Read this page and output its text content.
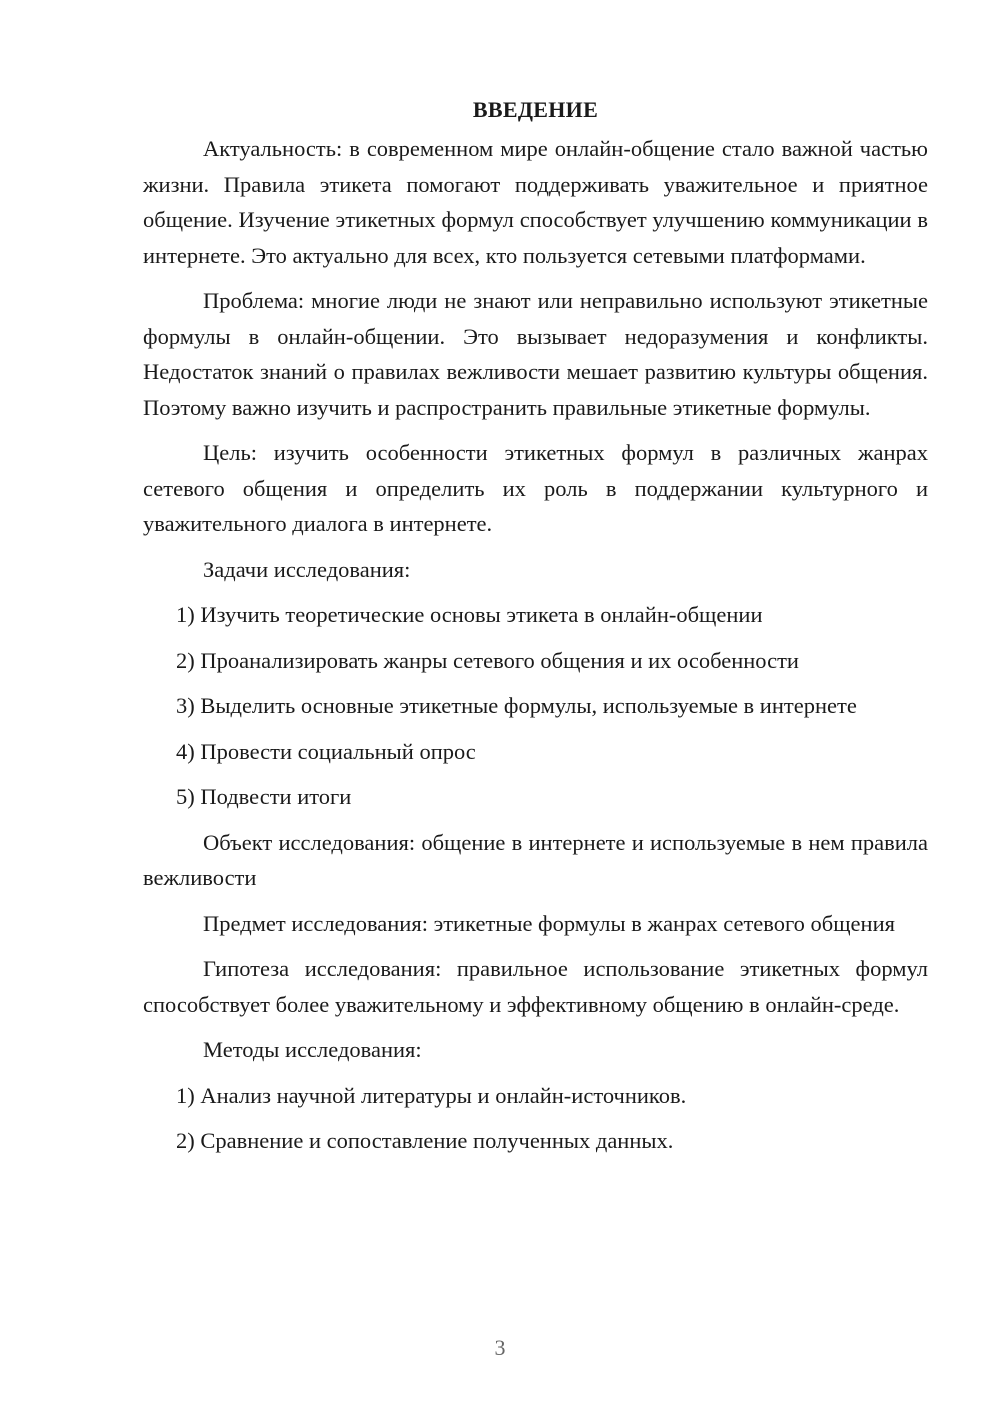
ВВЕДЕНИЕ

Актуальность: в современном мире онлайн-общение стало важной частью жизни. Правила этикета помогают поддерживать уважительное и приятное общение. Изучение этикетных формул способствует улучшению коммуникации в интернете. Это актуально для всех, кто пользуется сетевыми платформами.

Проблема: многие люди не знают или неправильно используют этикетные формулы в онлайн-общении. Это вызывает недоразумения и конфликты. Недостаток знаний о правилах вежливости мешает развитию культуры общения. Поэтому важно изучить и распространить правильные этикетные формулы.

Цель: изучить особенности этикетных формул в различных жанрах сетевого общения и определить их роль в поддержании культурного и уважительного диалога в интернете.

Задачи исследования:

1) Изучить теоретические основы этикета в онлайн-общении
2) Проанализировать жанры сетевого общения и их особенности
3) Выделить основные этикетные формулы, используемые в интернете
4) Провести социальный опрос
5) Подвести итоги

Объект исследования: общение в интернете и используемые в нем правила вежливости

Предмет исследования: этикетные формулы в жанрах сетевого общения

Гипотеза исследования: правильное использование этикетных формул способствует более уважительному и эффективному общению в онлайн-среде.

Методы исследования:

1) Анализ научной литературы и онлайн-источников.
2) Сравнение и сопоставление полученных данных.
3
